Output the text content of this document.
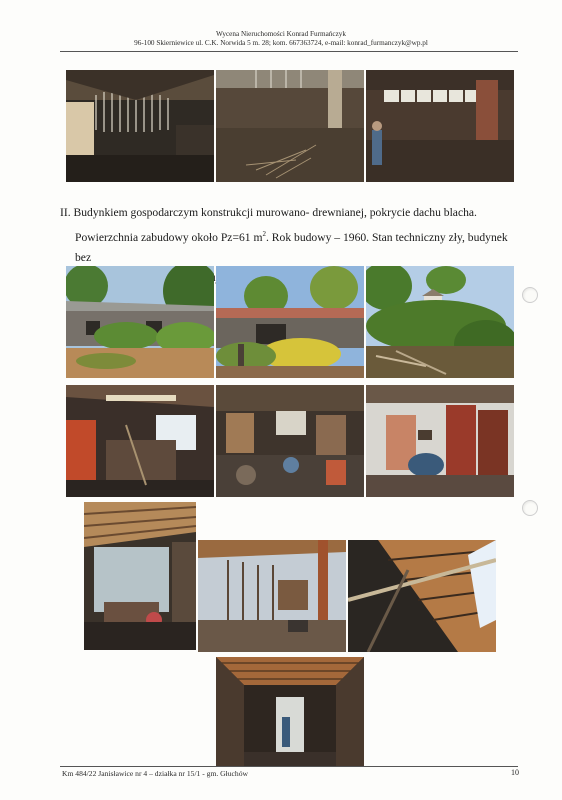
Wycena Nieruchomości Konrad Furmańczyk
96-100 Skierniewice ul. C.K. Norwida 5 m. 28; kom. 667363724, e-mail: konrad_furmanczyk@wp.pl
II. Budynkiem gospodarczym konstrukcji murowano- drewnianej, pokrycie dachu blacha.
Powierzchnia zabudowy około Pz=61 $m^2$. Rok budowy – 1960. Stan techniczny zły, budynek bez
Km 484/22 Janisławice nr 4 – działka nr 15/1 - gm. Głuchów	10
